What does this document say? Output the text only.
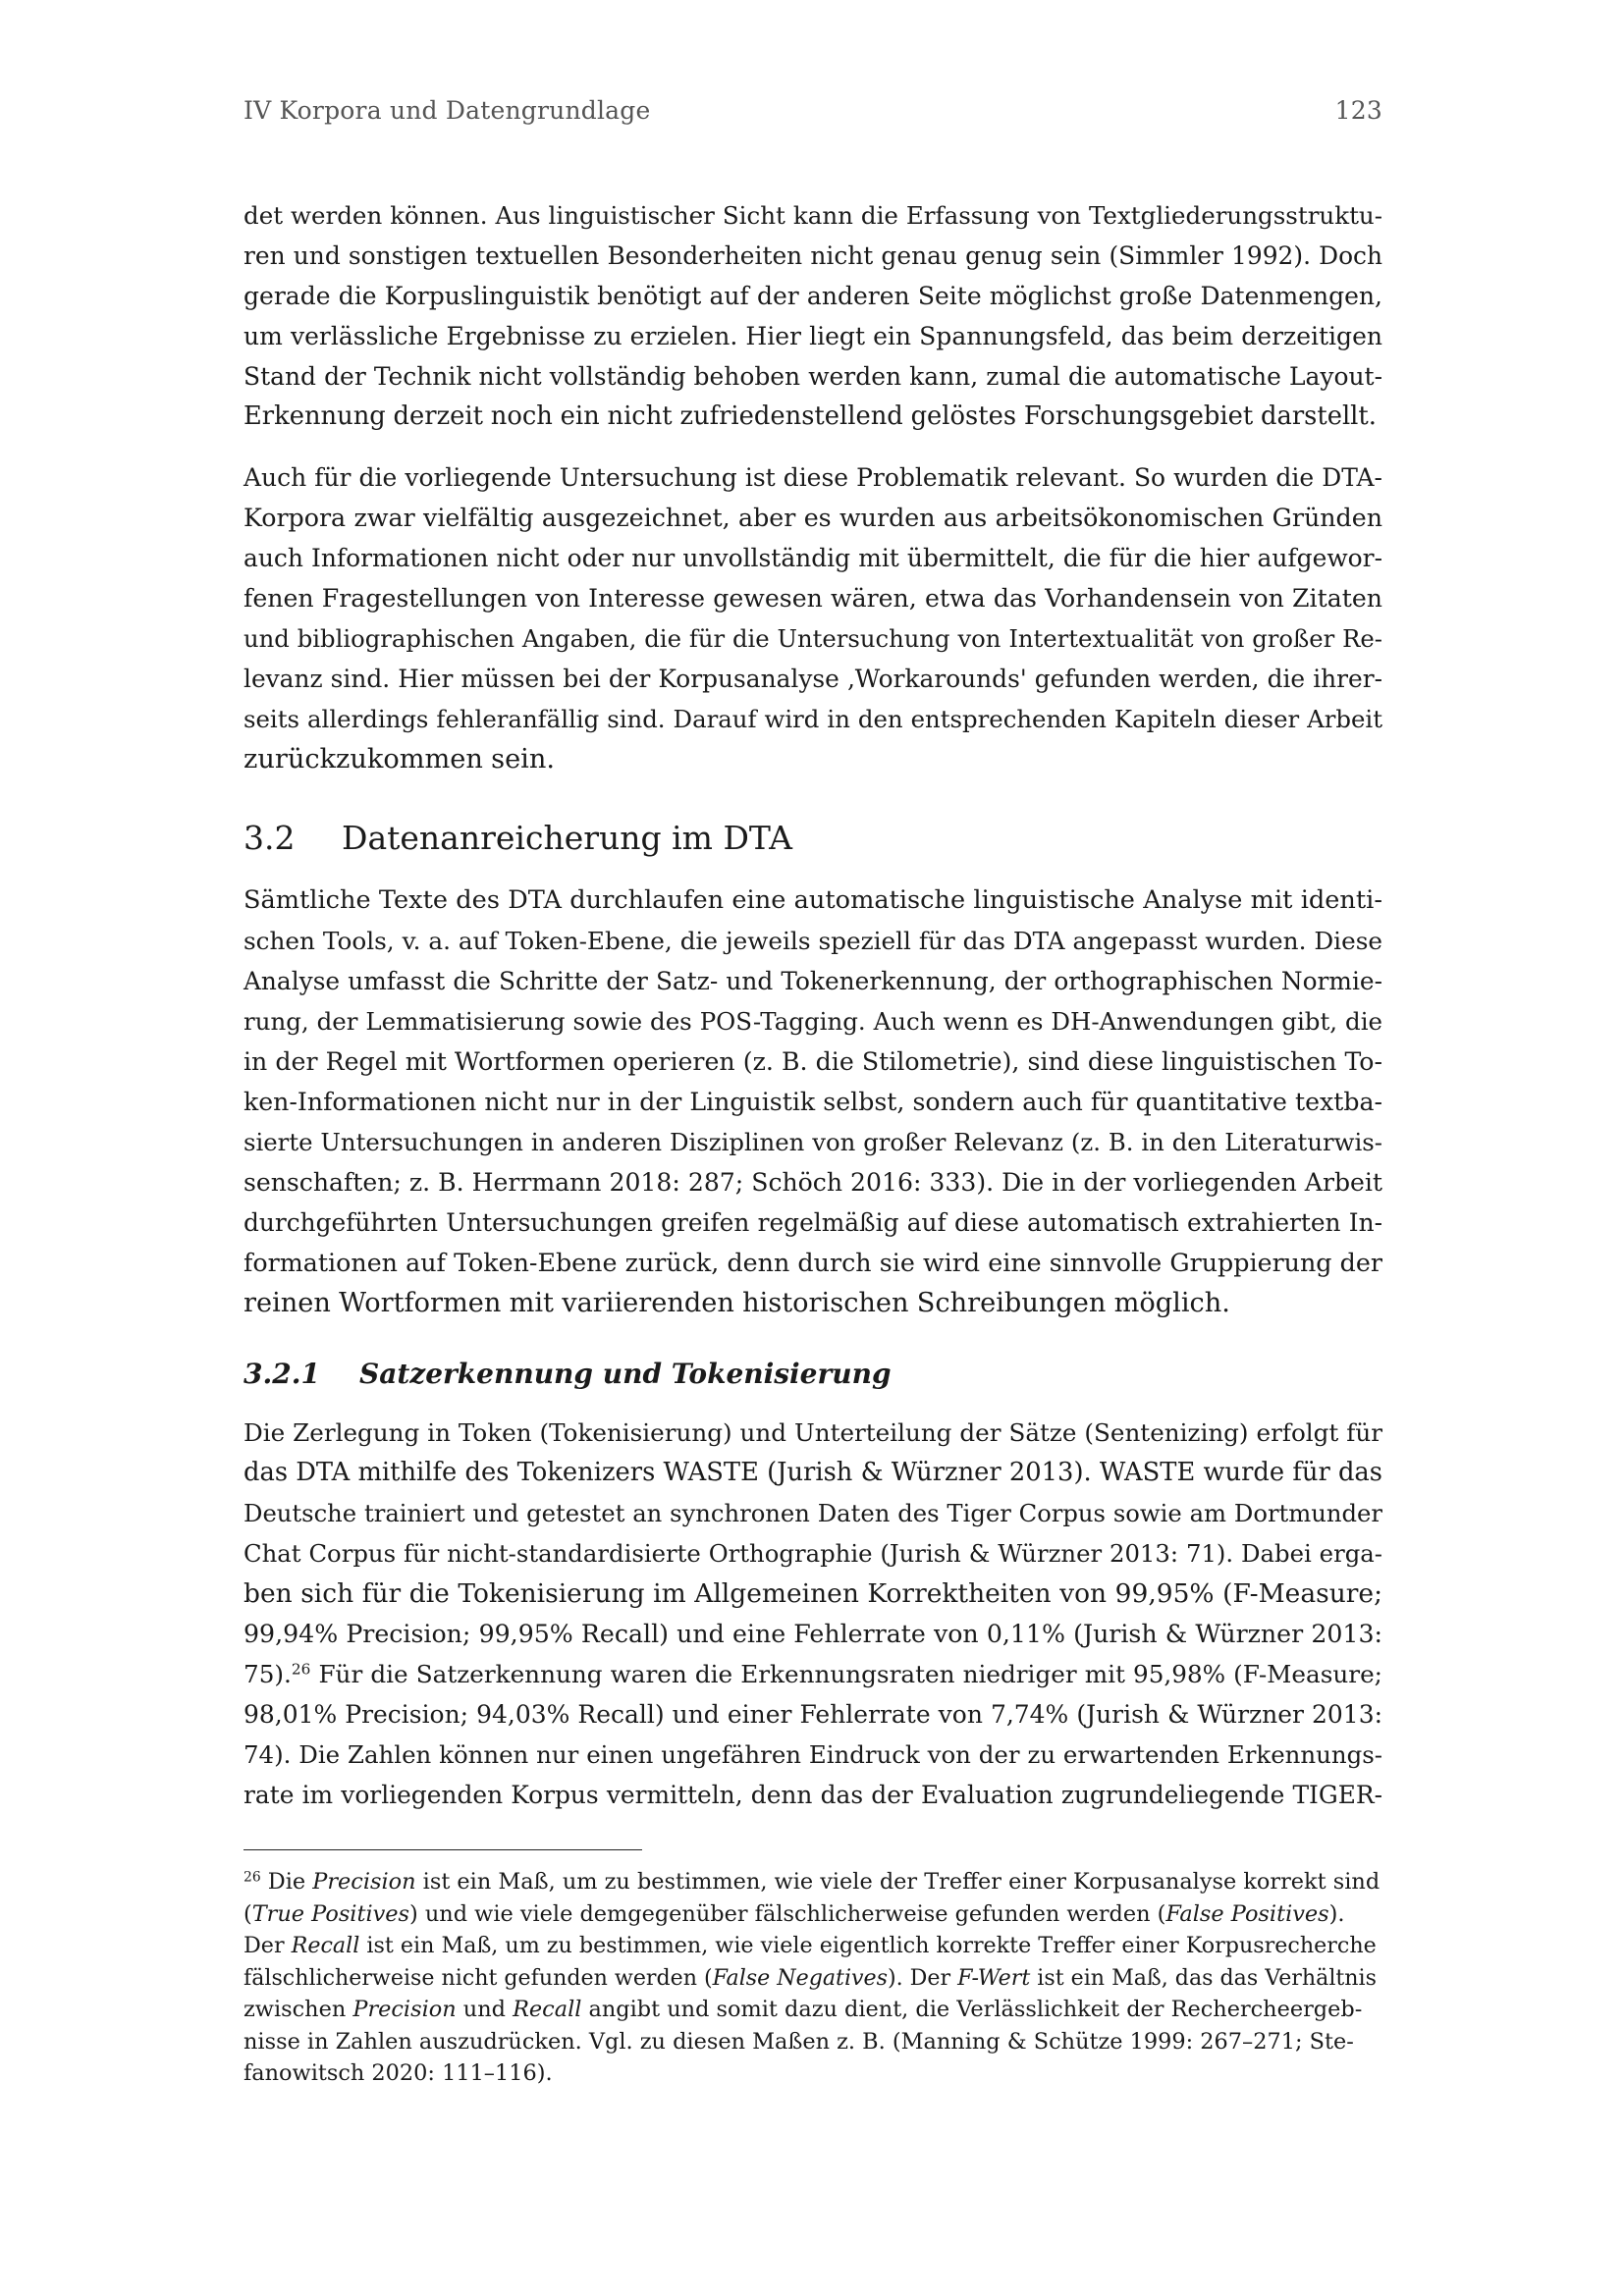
IV Korpora und Datengrundlage	123
det werden können. Aus linguistischer Sicht kann die Erfassung von Textgliederungsstruktu-
ren und sonstigen textuellen Besonderheiten nicht genau genug sein (Simmler 1992). Doch
gerade die Korpuslinguistik benötigt auf der anderen Seite möglichst große Datenmengen,
um verlässliche Ergebnisse zu erzielen. Hier liegt ein Spannungsfeld, das beim derzeitigen
Stand der Technik nicht vollständig behoben werden kann, zumal die automatische Layout-
Erkennung derzeit noch ein nicht zufriedenstellend gelöstes Forschungsgebiet darstellt.
Auch für die vorliegende Untersuchung ist diese Problematik relevant. So wurden die DTA-
Korpora zwar vielfältig ausgezeichnet, aber es wurden aus arbeitsökonomischen Gründen
auch Informationen nicht oder nur unvollständig mit übermittelt, die für die hier aufgewor-
fenen Fragestellungen von Interesse gewesen wären, etwa das Vorhandensein von Zitaten
und bibliographischen Angaben, die für die Untersuchung von Intertextualität von großer Re-
levanz sind. Hier müssen bei der Korpusanalyse ‚Workarounds' gefunden werden, die ihrer-
seits allerdings fehleranfällig sind. Darauf wird in den entsprechenden Kapiteln dieser Arbeit
zurückzukommen sein.
3.2 Datenanreicherung im DTA
Sämtliche Texte des DTA durchlaufen eine automatische linguistische Analyse mit identi-
schen Tools, v. a. auf Token-Ebene, die jeweils speziell für das DTA angepasst wurden. Diese
Analyse umfasst die Schritte der Satz- und Tokenerkennung, der orthographischen Normie-
rung, der Lemmatisierung sowie des POS-Tagging. Auch wenn es DH-Anwendungen gibt, die
in der Regel mit Wortformen operieren (z. B. die Stilometrie), sind diese linguistischen To-
ken-Informationen nicht nur in der Linguistik selbst, sondern auch für quantitative textba-
sierte Untersuchungen in anderen Disziplinen von großer Relevanz (z. B. in den Literaturwis-
senschaften; z. B. Herrmann 2018: 287; Schöch 2016: 333). Die in der vorliegenden Arbeit
durchgeführten Untersuchungen greifen regelmäßig auf diese automatisch extrahierten In-
formationen auf Token-Ebene zurück, denn durch sie wird eine sinnvolle Gruppierung der
reinen Wortformen mit variierenden historischen Schreibungen möglich.
3.2.1 Satzerkennung und Tokenisierung
Die Zerlegung in Token (Tokenisierung) und Unterteilung der Sätze (Sentenizing) erfolgt für
das DTA mithilfe des Tokenizers WASTE (Jurish & Würzner 2013). WASTE wurde für das
Deutsche trainiert und getestet an synchronen Daten des Tiger Corpus sowie am Dortmunder
Chat Corpus für nicht-standardisierte Orthographie (Jurish & Würzner 2013: 71). Dabei erga-
ben sich für die Tokenisierung im Allgemeinen Korrektheiten von 99,95% (F-Measure;
99,94% Precision; 99,95% Recall) und eine Fehlerrate von 0,11% (Jurish & Würzner 2013:
75).$^{26}$ Für die Satzerkennung waren die Erkennungsraten niedriger mit 95,98% (F-Measure;
98,01% Precision; 94,03% Recall) und einer Fehlerrate von 7,74% (Jurish & Würzner 2013:
74). Die Zahlen können nur einen ungefähren Eindruck von der zu erwartenden Erkennungs-
rate im vorliegenden Korpus vermitteln, denn das der Evaluation zugrundeliegende TIGER-
$^{26}$ Die Precision ist ein Maß, um zu bestimmen, wie viele der Treffer einer Korpusanalyse korrekt sind
(True Positives) und wie viele demgegenüber fälschlicherweise gefunden werden (False Positives).
Der Recall ist ein Maß, um zu bestimmen, wie viele eigentlich korrekte Treffer einer Korpusrecherche
fälschlicherweise nicht gefunden werden (False Negatives). Der F-Wert ist ein Maß, das das Verhältnis
zwischen Precision und Recall angibt und somit dazu dient, die Verlässlichkeit der Rechercheergeb-
nisse in Zahlen auszudrücken. Vgl. zu diesen Maßen z. B. (Manning & Schütze 1999: 267–271; Ste-
fanowitsch 2020: 111–116).
